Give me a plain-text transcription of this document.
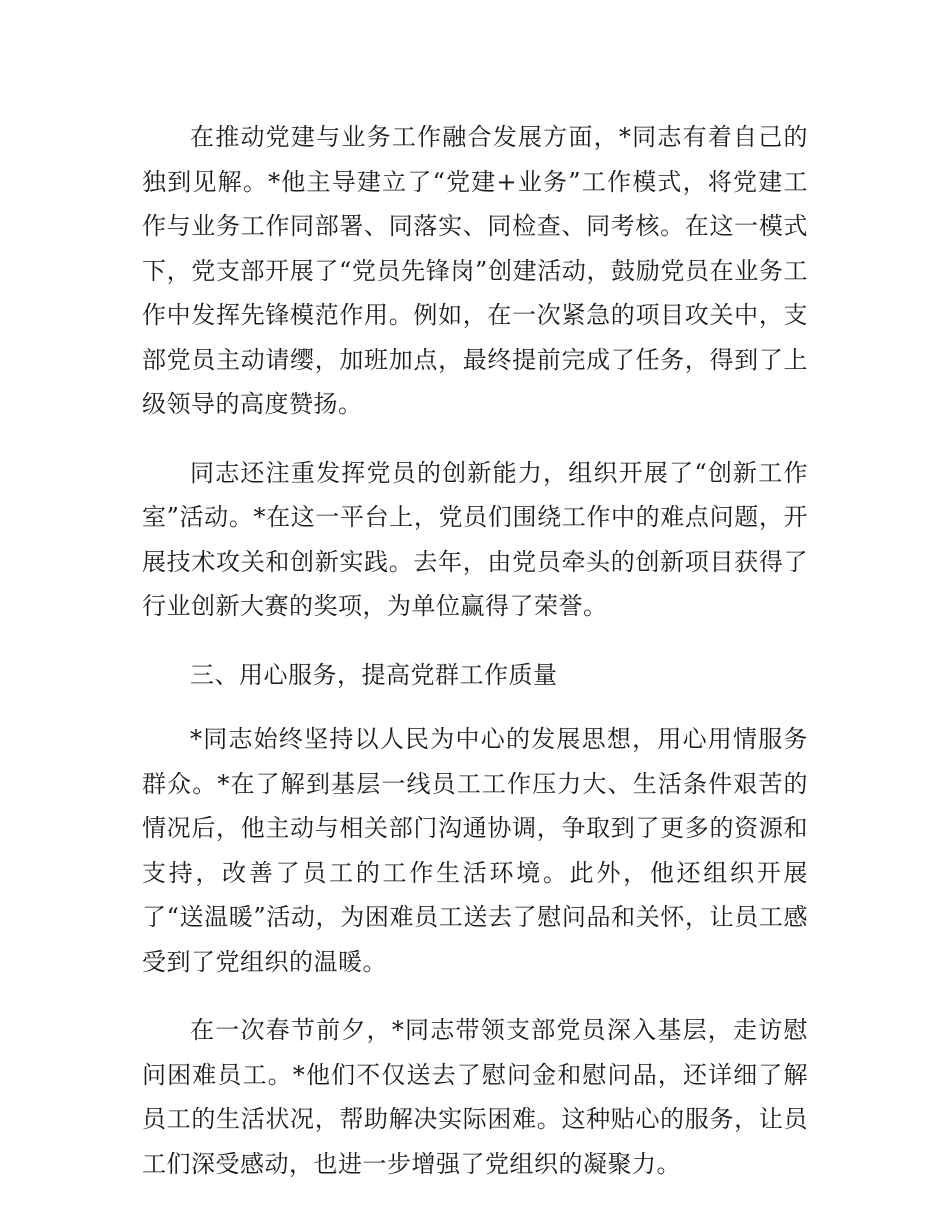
在推动党建与业务工作融合发展方面，*同志有着自己的独到见解。*他主导建立了“党建+业务”工作模式，将党建工作与业务工作同部署、同落实、同检查、同考核。在这一模式下，党支部开展了“党员先锋岗”创建活动，鼓励党员在业务工作中发挥先锋模范作用。例如，在一次紧急的项目攻关中，支部党员主动请缨，加班加点，最终提前完成了任务，得到了上级领导的高度赞扬。

同志还注重发挥党员的创新能力，组织开展了“创新工作室”活动。*在这一平台上，党员们围绕工作中的难点问题，开展技术攻关和创新实践。去年，由党员牵头的创新项目获得了行业创新大赛的奖项，为单位赢得了荣誉。

三、用心服务，提高党群工作质量

*同志始终坚持以人民为中心的发展思想，用心用情服务群众。*在了解到基层一线员工工作压力大、生活条件艰苦的情况后，他主动与相关部门沟通协调，争取到了更多的资源和支持，改善了员工的工作生活环境。此外，他还组织开展了“送温暖”活动，为困难员工送去了慰问品和关怀，让员工感受到了党组织的温暖。

在一次春节前夕，*同志带领支部党员深入基层，走访慰问困难员工。*他们不仅送去了慰问金和慰问品，还详细了解员工的生活状况，帮助解决实际困难。这种贴心的服务，让员工们深受感动，也进一步增强了党组织的凝聚力。
